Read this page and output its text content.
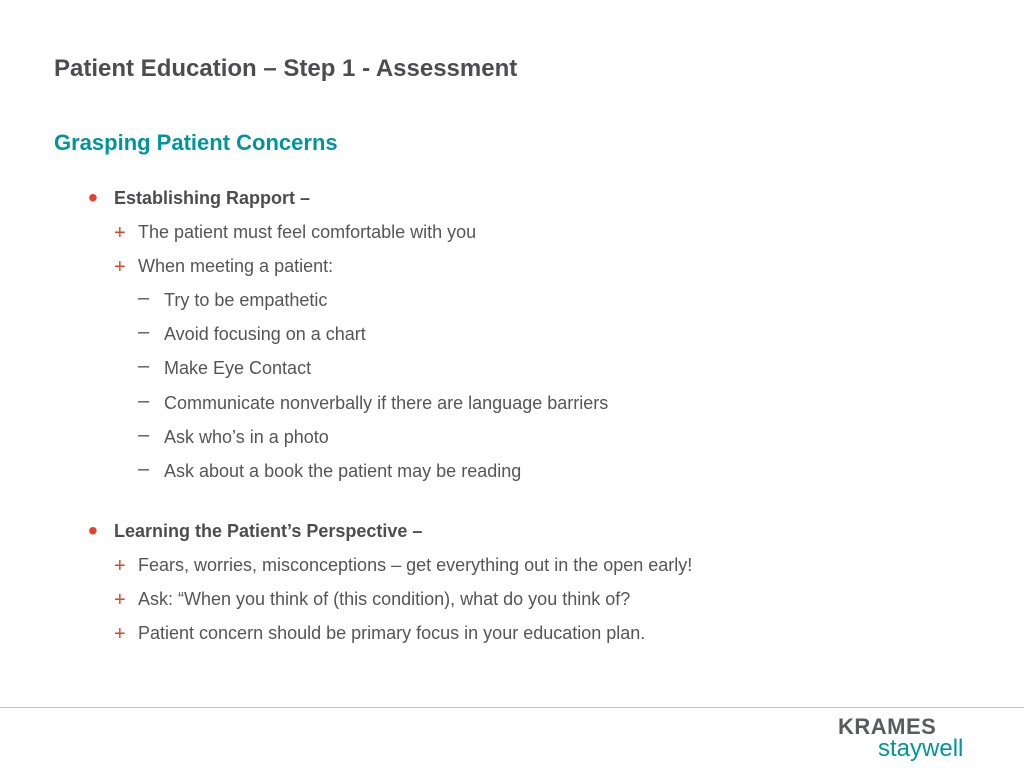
Patient Education – Step 1 - Assessment
Grasping Patient Concerns
• Establishing Rapport –
+ The patient must feel comfortable with you
+ When meeting a patient:
– Try to be empathetic
– Avoid focusing on a chart
– Make Eye Contact
– Communicate nonverbally if there are language barriers
– Ask who’s in a photo
– Ask about a book the patient may be reading
• Learning the Patient’s Perspective –
+ Fears, worries, misconceptions – get everything out in the open early!
+ Ask: “When you think of (this condition), what do you think of?
+ Patient concern should be primary focus in your education plan.
KRAMES
staywell
